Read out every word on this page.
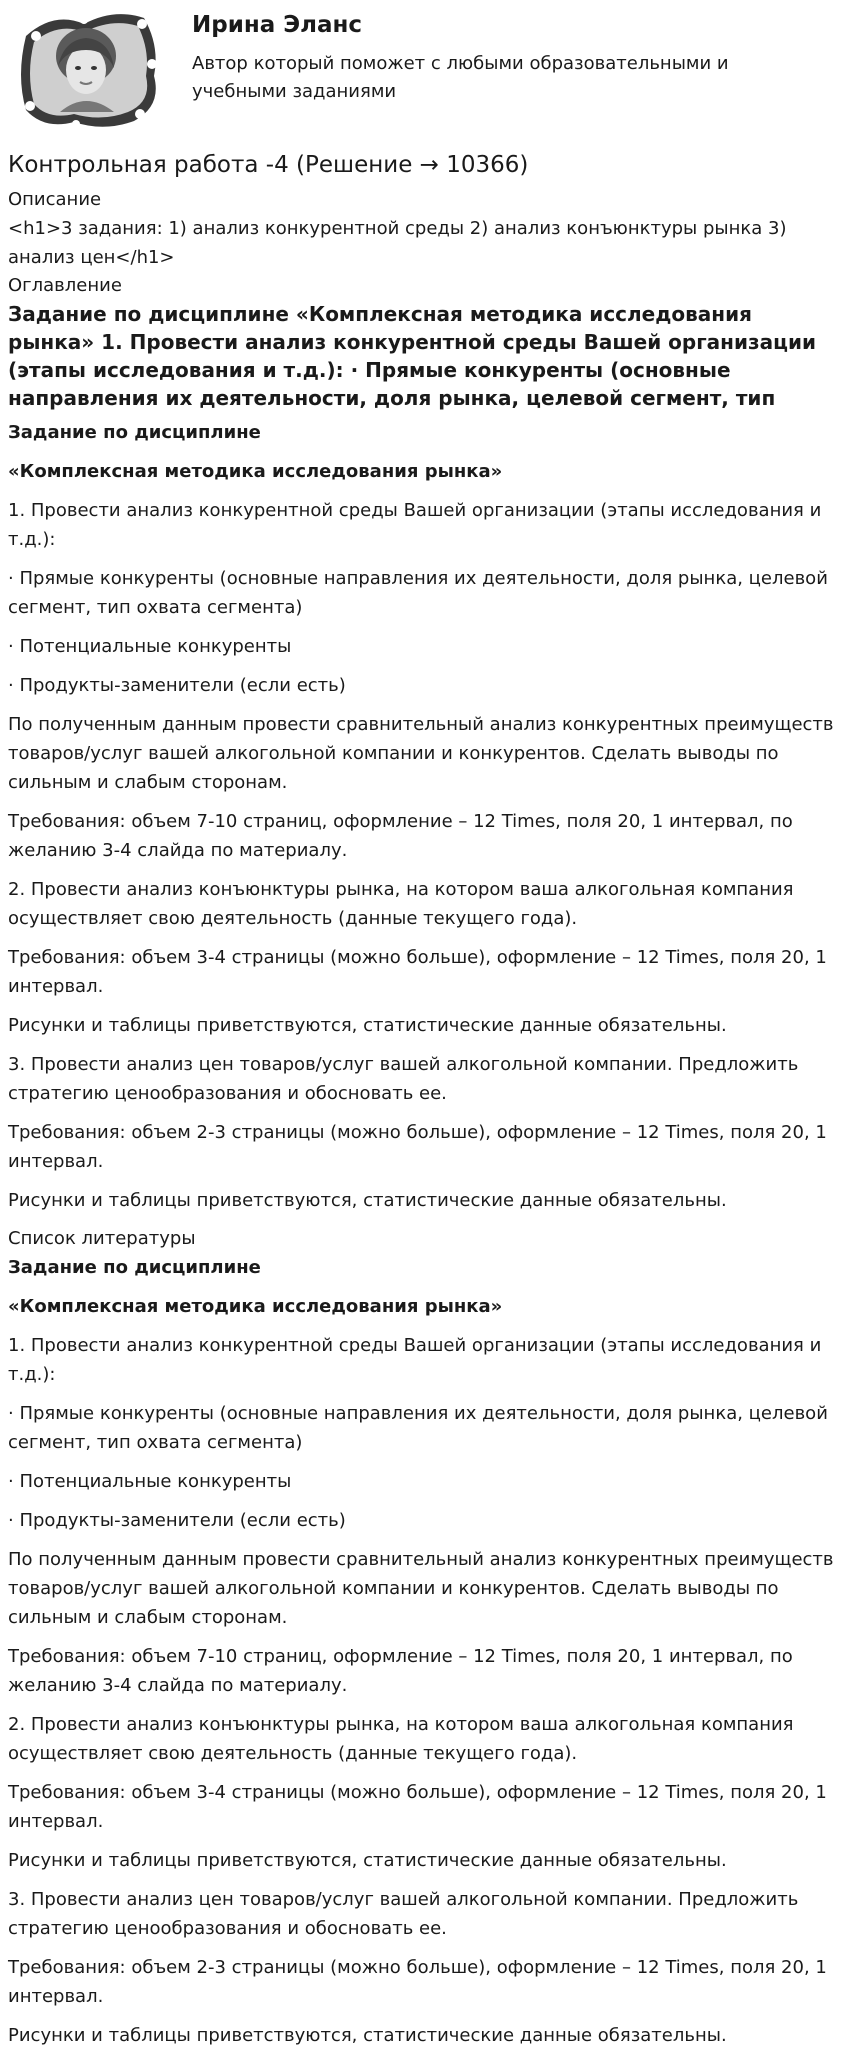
Ирина Эланс

Автор который поможет с любыми образовательными и учебными заданиями

Контрольная работа -4 (Решение → 10366)

Описание

<h1>3 задания: 1) анализ конкурентной среды 2) анализ конъюнктуры рынка 3) анализ цен</h1>

Оглавление

Задание по дисциплине «Комплексная методика исследования рынка» 1. Провести анализ конкурентной среды Вашей организации (этапы исследования и т.д.): · Прямые конкуренты (основные направления их деятельности, доля рынка, целевой сегмент, тип

Задание по дисциплине

«Комплексная методика исследования рынка»

1. Провести анализ конкурентной среды Вашей организации (этапы исследования и т.д.):

· Прямые конкуренты (основные направления их деятельности, доля рынка, целевой сегмент, тип охвата сегмента)

· Потенциальные конкуренты

· Продукты-заменители (если есть)

По полученным данным провести сравнительный анализ конкурентных преимуществ товаров/услуг вашей алкогольной компании и конкурентов. Сделать выводы по сильным и слабым сторонам.

Требования: объем 7-10 страниц, оформление – 12 Times, поля 20, 1 интервал, по желанию 3-4 слайда по материалу.

2. Провести анализ конъюнктуры рынка, на котором ваша алкогольная компания осуществляет свою деятельность (данные текущего года).

Требования: объем 3-4 страницы (можно больше), оформление – 12 Times, поля 20, 1 интервал.

Рисунки и таблицы приветствуются, статистические данные обязательны.

3. Провести анализ цен товаров/услуг вашей алкогольной компании. Предложить стратегию ценообразования и обосновать ее.

Требования: объем 2-3 страницы (можно больше), оформление – 12 Times, поля 20, 1 интервал.

Рисунки и таблицы приветствуются, статистические данные обязательны.

Список литературы

Задание по дисциплине

«Комплексная методика исследования рынка»

1. Провести анализ конкурентной среды Вашей организации (этапы исследования и т.д.):

· Прямые конкуренты (основные направления их деятельности, доля рынка, целевой сегмент, тип охвата сегмента)

· Потенциальные конкуренты

· Продукты-заменители (если есть)

По полученным данным провести сравнительный анализ конкурентных преимуществ товаров/услуг вашей алкогольной компании и конкурентов. Сделать выводы по сильным и слабым сторонам.

Требования: объем 7-10 страниц, оформление – 12 Times, поля 20, 1 интервал, по желанию 3-4 слайда по материалу.

2. Провести анализ конъюнктуры рынка, на котором ваша алкогольная компания осуществляет свою деятельность (данные текущего года).

Требования: объем 3-4 страницы (можно больше), оформление – 12 Times, поля 20, 1 интервал.

Рисунки и таблицы приветствуются, статистические данные обязательны.

3. Провести анализ цен товаров/услуг вашей алкогольной компании. Предложить стратегию ценообразования и обосновать ее.

Требования: объем 2-3 страницы (можно больше), оформление – 12 Times, поля 20, 1 интервал.

Рисунки и таблицы приветствуются, статистические данные обязательны.
